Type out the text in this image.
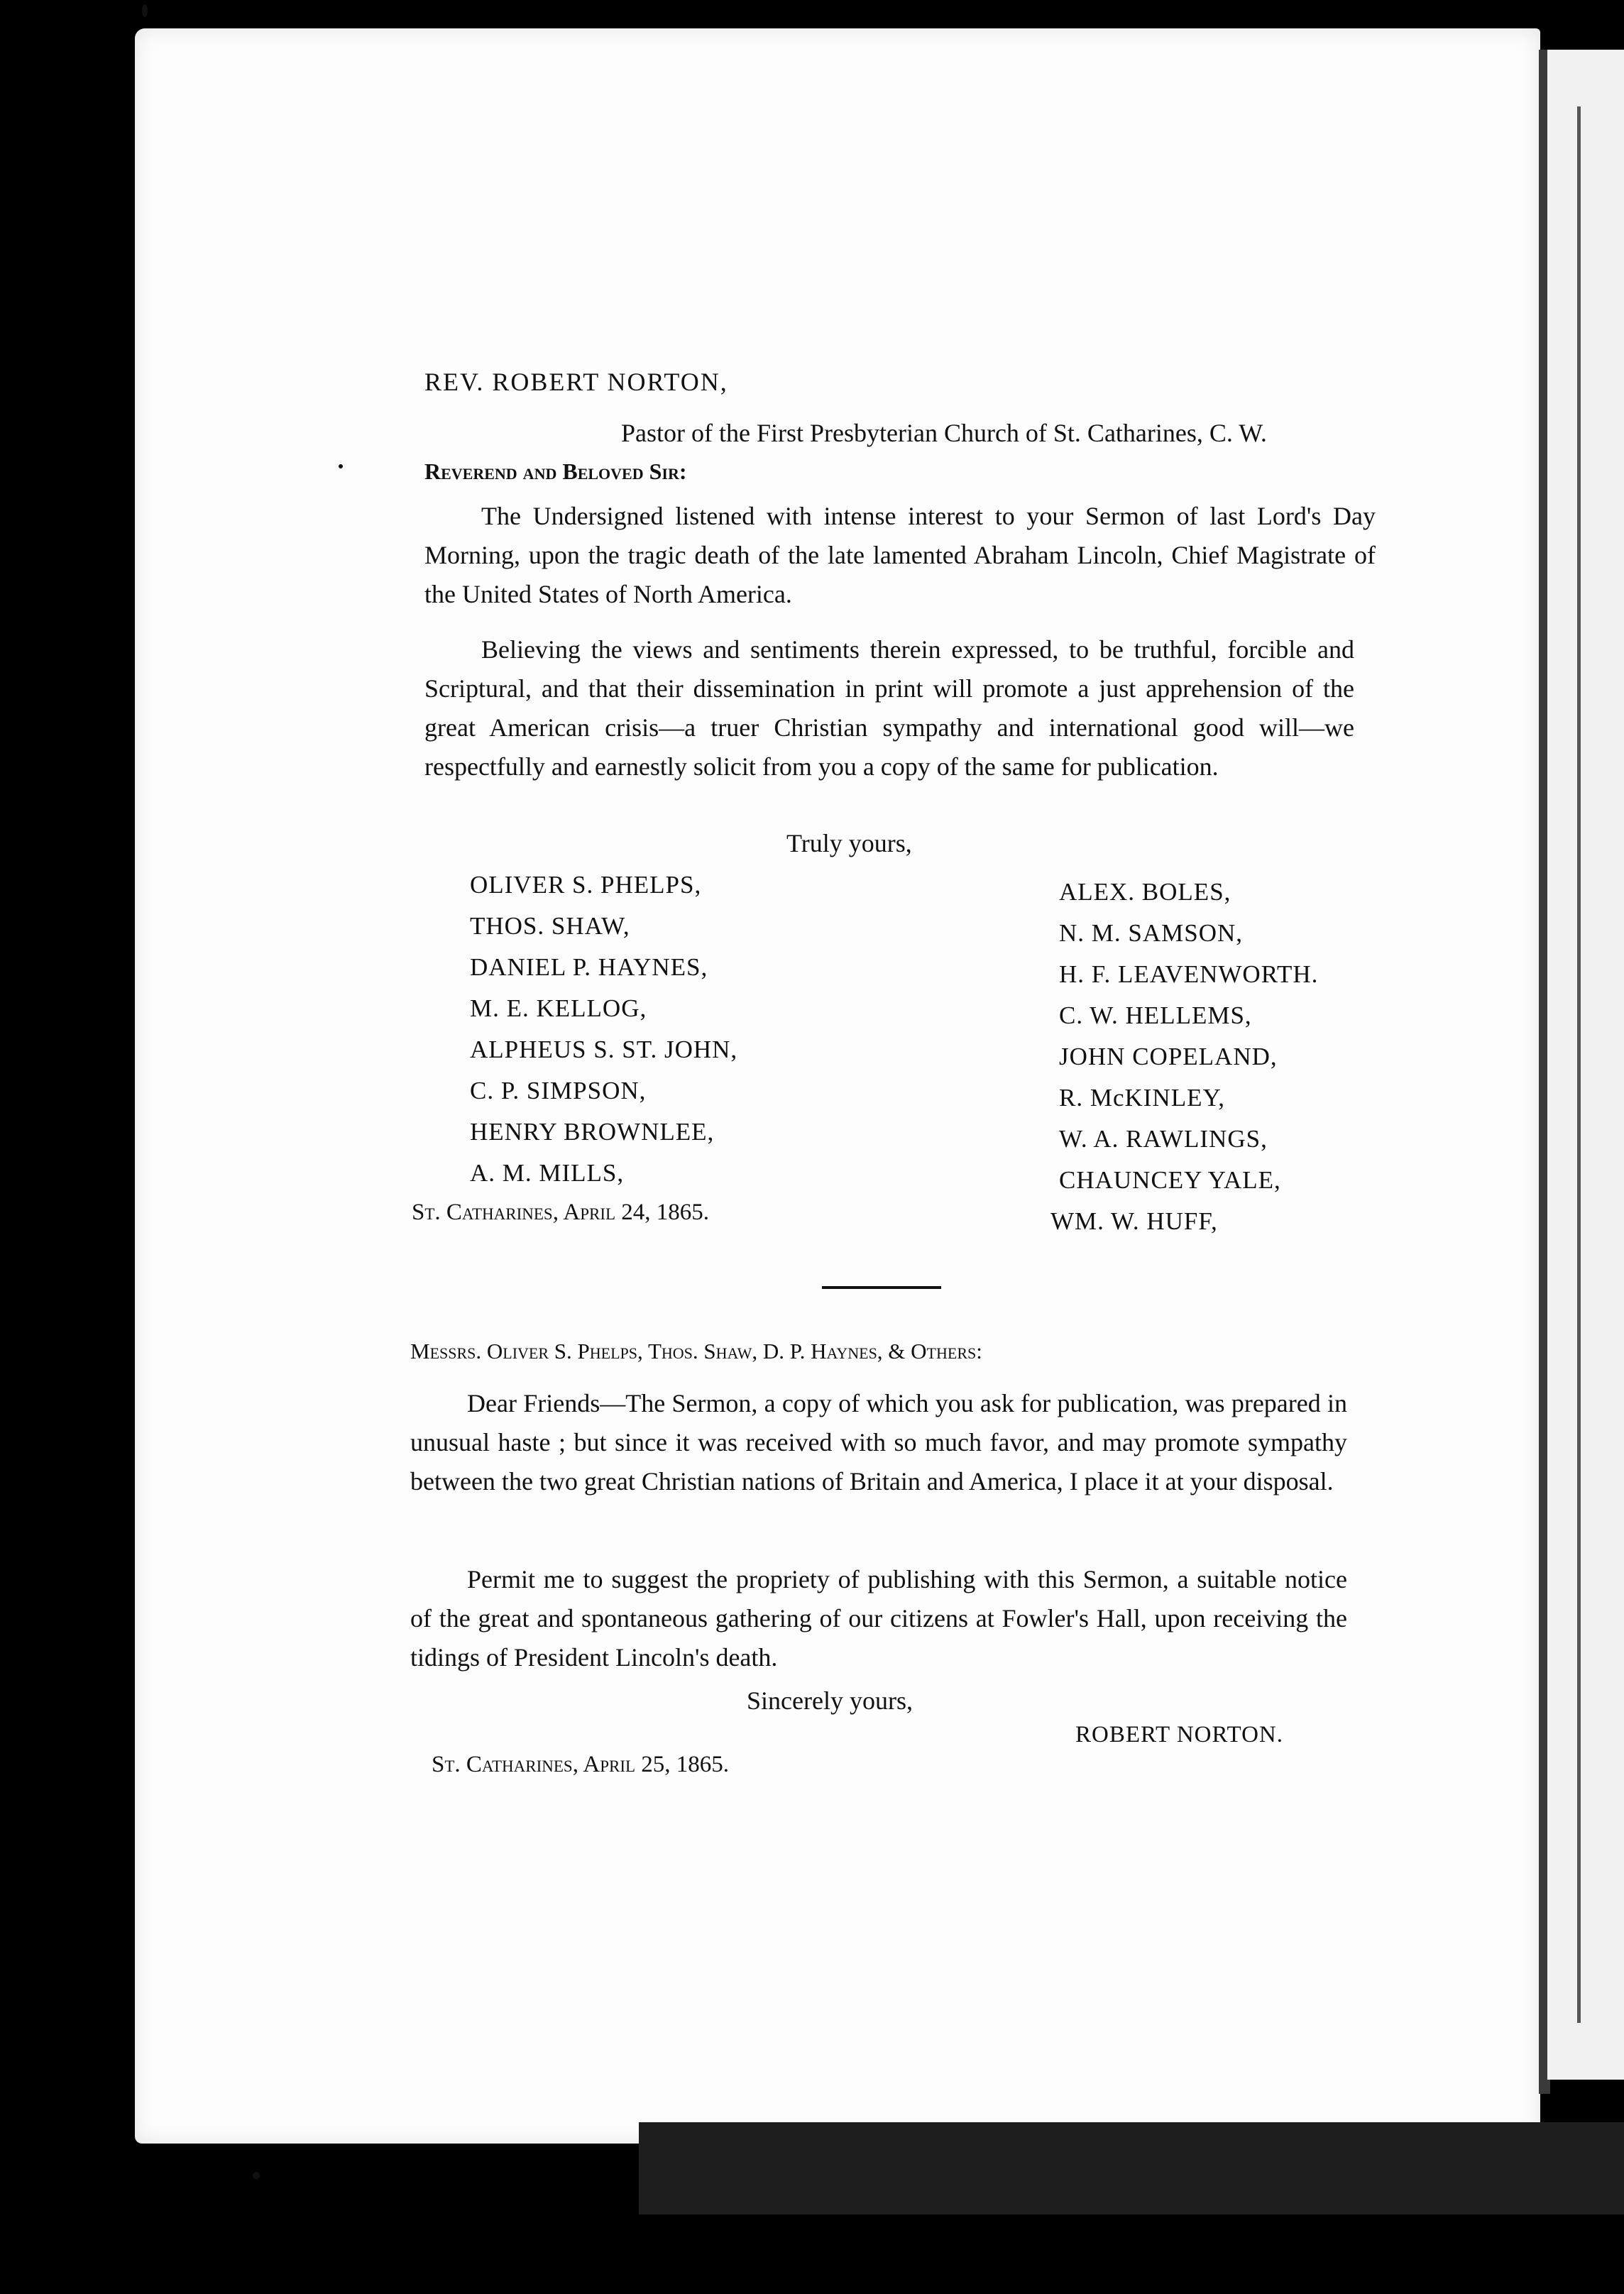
REV. ROBERT NORTON,
Pastor of the First Presbyterian Church of St. Catharines, C. W.
Reverend and Beloved Sir:
The Undersigned listened with intense interest to your Sermon of last Lord's Day Morning, upon the tragic death of the late lamented Abraham Lincoln, Chief Magistrate of the United States of North America.
Believing the views and sentiments therein expressed, to be truthful, forcible and Scriptural, and that their dissemination in print will promote a just apprehension of the great American crisis—a truer Christian sympathy and international good will—we respectfully and earnestly solicit from you a copy of the same for publication.
Truly yours,
OLIVER S. PHELPS,
THOS. SHAW,
DANIEL P. HAYNES,
M. E. KELLOG,
ALPHEUS S. ST. JOHN,
C. P. SIMPSON,
HENRY BROWNLEE,
A. M. MILLS,
ALEX. BOLES,
N. M. SAMSON,
H. F. LEAVENWORTH.
C. W. HELLEMS,
JOHN COPELAND,
R. McKINLEY,
W. A. RAWLINGS,
CHAUNCEY YALE,
WM. W. HUFF,
St. Catharines, April 24, 1865.
Messrs. Oliver S. Phelps, Thos. Shaw, D. P. Haynes, & Others:
Dear Friends—The Sermon, a copy of which you ask for publication, was prepared in unusual haste ; but since it was received with so much favor, and may promote sympathy between the two great Christian nations of Britain and America, I place it at your disposal.
Permit me to suggest the propriety of publishing with this Sermon, a suitable notice of the great and spontaneous gathering of our citizens at Fowler's Hall, upon receiving the tidings of President Lincoln's death.
Sincerely yours,
ROBERT NORTON.
St. Catharines, April 25, 1865.
